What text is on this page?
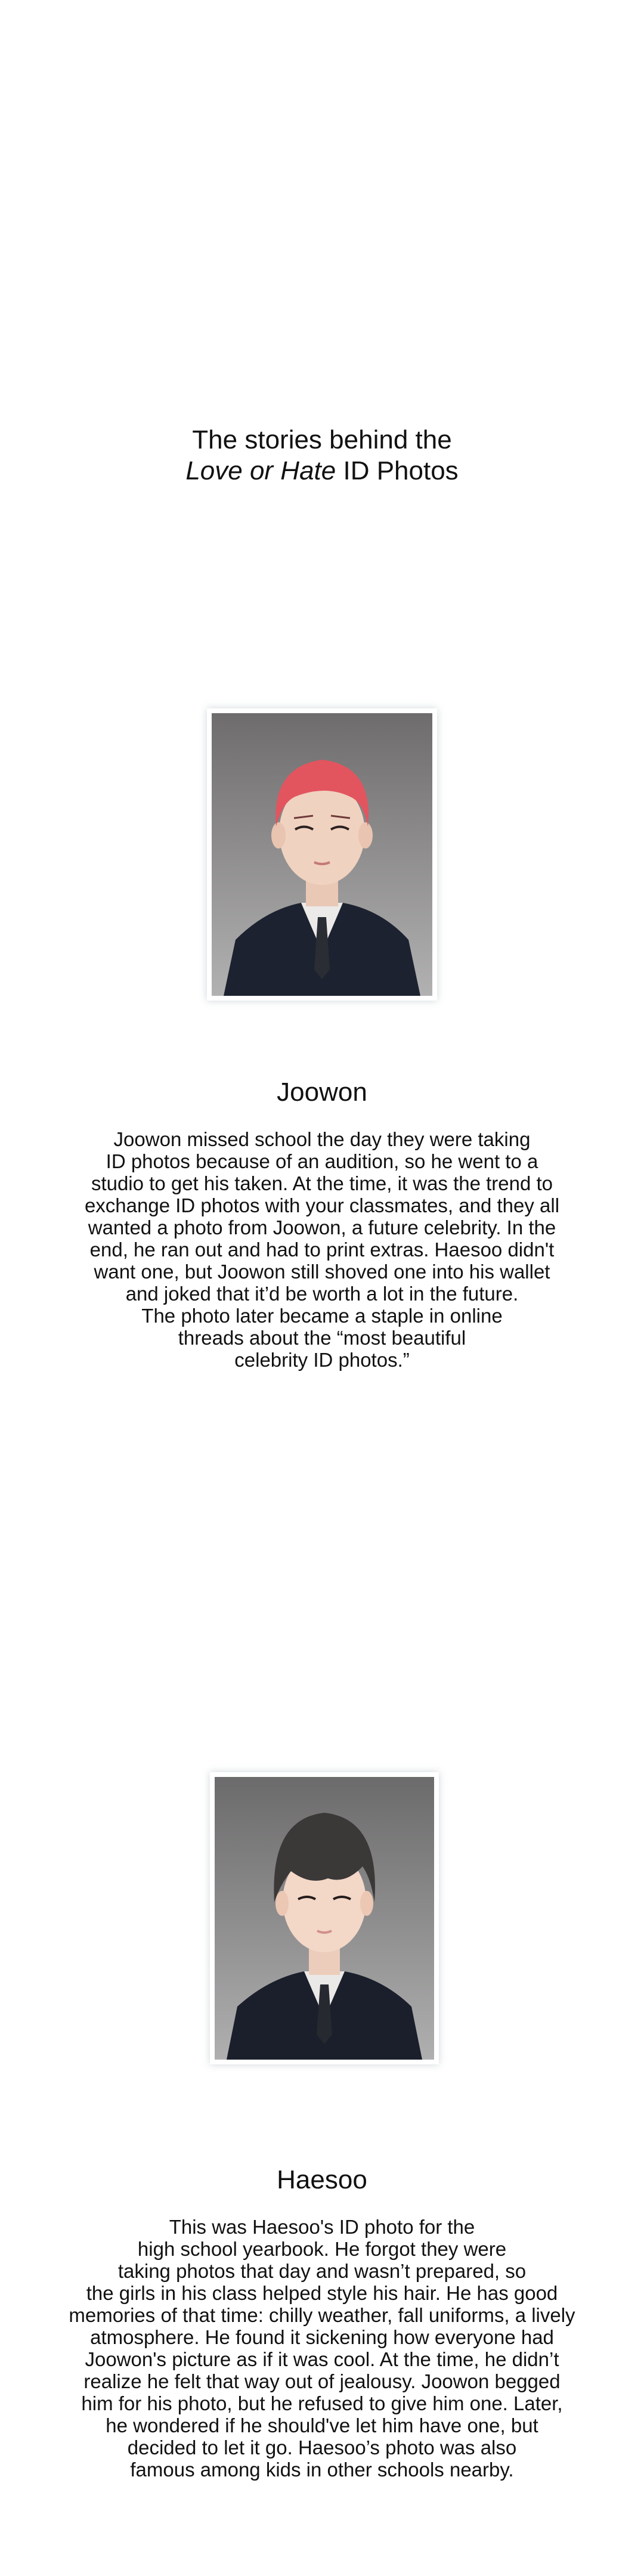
The stories behind the
Love or Hate ID Photos
Joowon
Joowon missed school the day they were taking
ID photos because of an audition, so he went to a
studio to get his taken. At the time, it was the trend to
exchange ID photos with your classmates, and they all
wanted a photo from Joowon, a future celebrity. In the
end, he ran out and had to print extras. Haesoo didn't
want one, but Joowon still shoved one into his wallet
and joked that it’d be worth a lot in the future.
The photo later became a staple in online
threads about the “most beautiful
celebrity ID photos.”
Haesoo
This was Haesoo's ID photo for the
high school yearbook. He forgot they were
taking photos that day and wasn’t prepared, so
the girls in his class helped style his hair. He has good
memories of that time: chilly weather, fall uniforms, a lively
atmosphere. He found it sickening how everyone had
Joowon's picture as if it was cool. At the time, he didn’t
realize he felt that way out of jealousy. Joowon begged
him for his photo, but he refused to give him one. Later,
he wondered if he should've let him have one, but
decided to let it go. Haesoo’s photo was also
famous among kids in other schools nearby.
